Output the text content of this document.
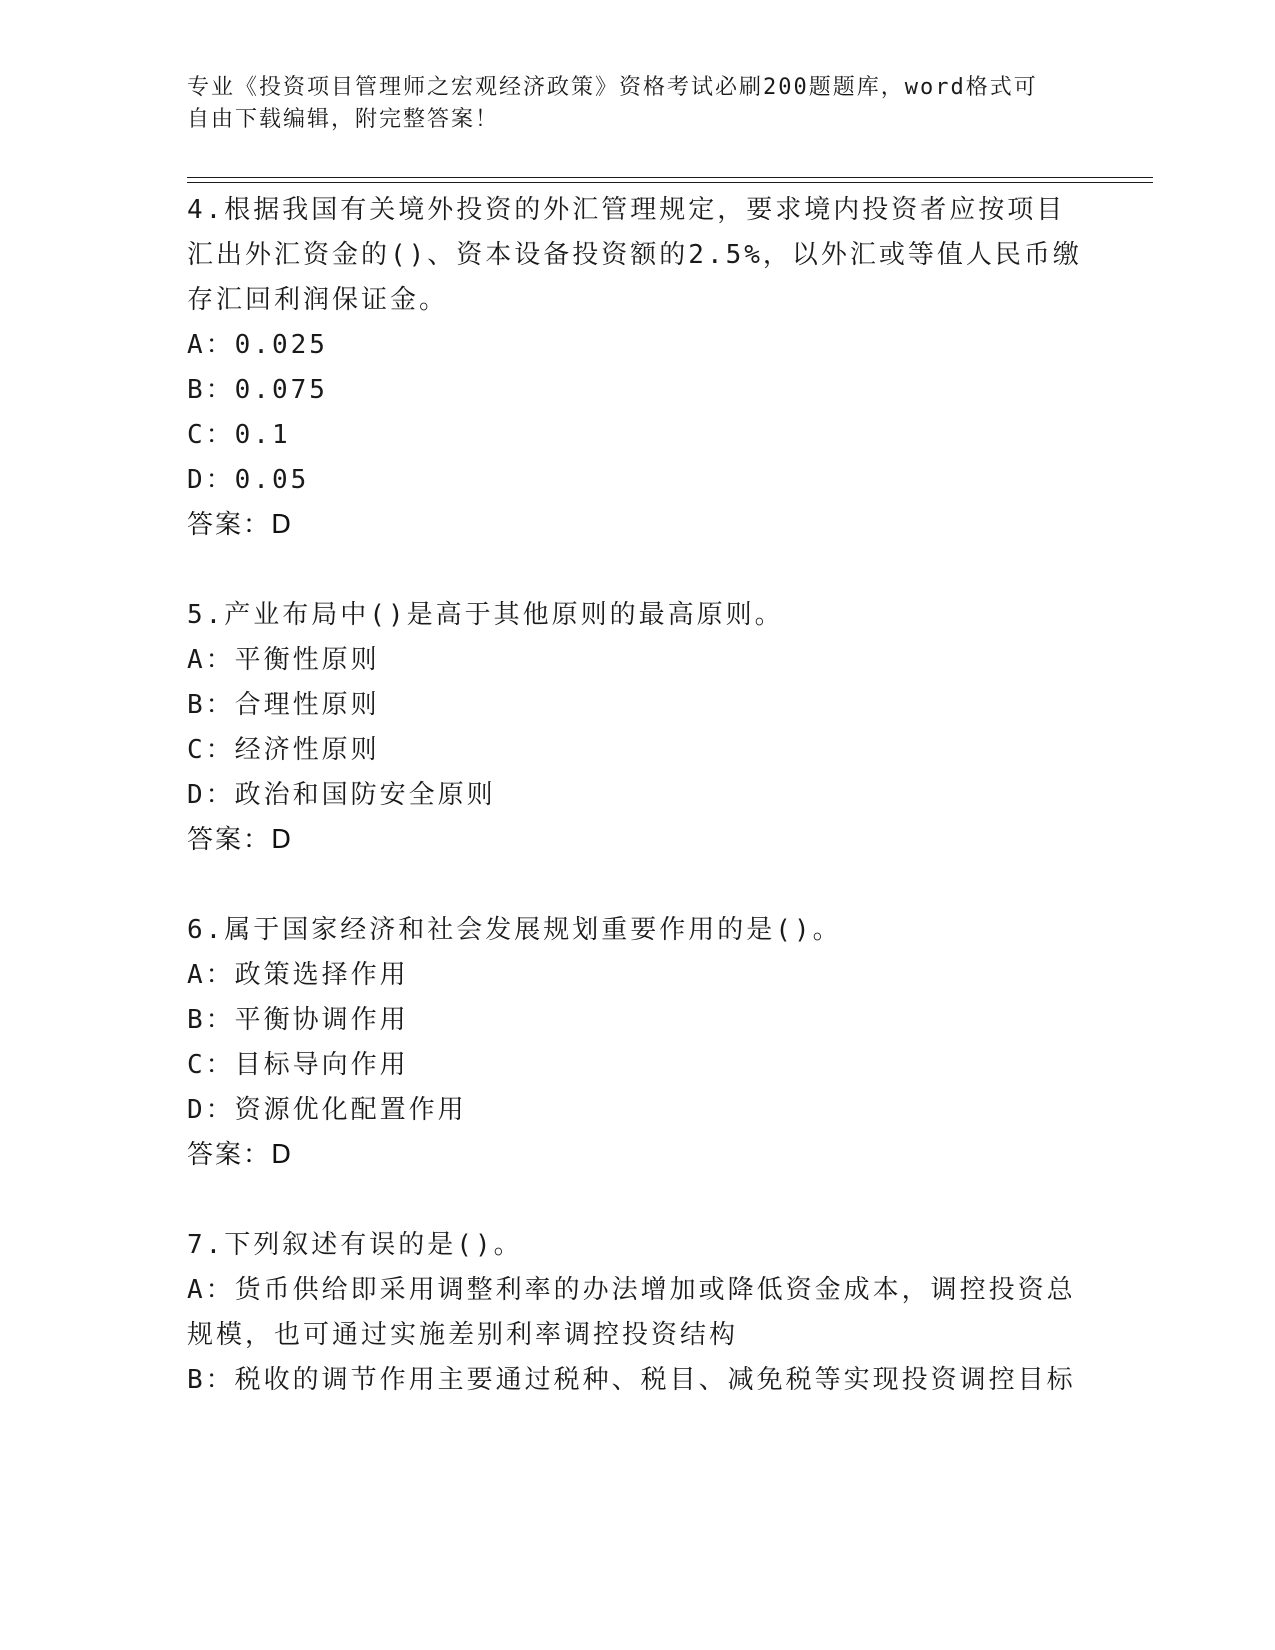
专业《投资项目管理师之宏观经济政策》资格考试必刷200题题库，word格式可
自由下载编辑，附完整答案！

4.根据我国有关境外投资的外汇管理规定，要求境内投资者应按项目

汇出外汇资金的()、资本设备投资额的2.5%，以外汇或等值人民币缴

存汇回利润保证金。

A：0.025

B：0.075

C：0.1

D：0.05

答案：D

5.产业布局中()是高于其他原则的最高原则。

A：平衡性原则

B：合理性原则

C：经济性原则

D：政治和国防安全原则

答案：D

6.属于国家经济和社会发展规划重要作用的是()。

A：政策选择作用

B：平衡协调作用

C：目标导向作用

D：资源优化配置作用

答案：D

7.下列叙述有误的是()。

A：货币供给即采用调整利率的办法增加或降低资金成本，调控投资总

规模，也可通过实施差别利率调控投资结构

B：税收的调节作用主要通过税种、税目、减免税等实现投资调控目标
